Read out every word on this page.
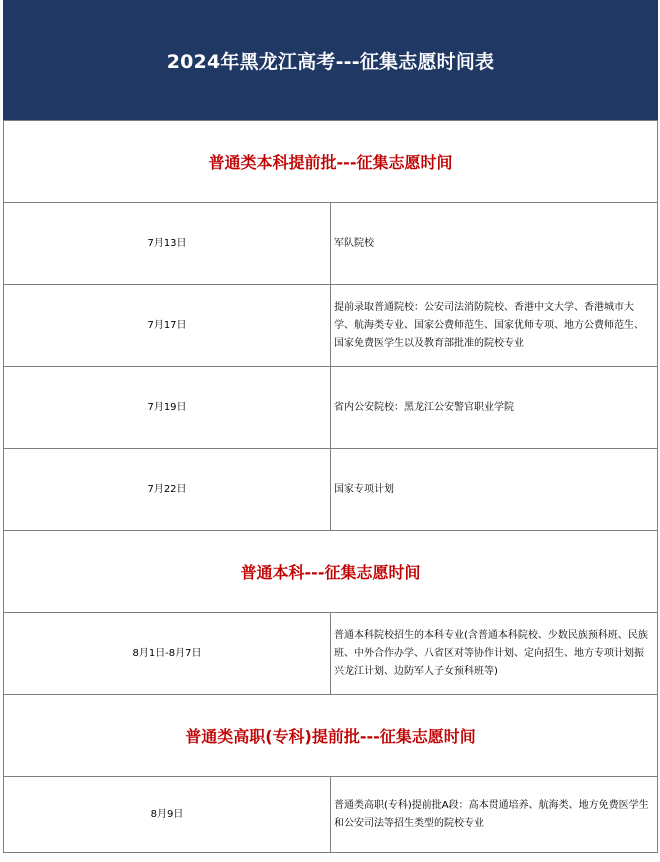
2024年黑龙江高考---征集志愿时间表
普通类本科提前批---征集志愿时间	
7月13日	军队院校
7月17日	提前录取普通院校：公安司法消防院校、香港中文大学、香港城市大学、航海类专业、国家公费师范生、国家优师专项、地方公费师范生、国家免费医学生以及教育部批准的院校专业
7月19日	省内公安院校：黑龙江公安警官职业学院
7月22日	国家专项计划
普通本科---征集志愿时间	
8月1日-8月7日	普通本科院校招生的本科专业(含普通本科院校、少数民族预科班、民族班、中外合作办学、八省区对等协作计划、定向招生、地方专项计划振兴龙江计划、边防军人子女预科班等)
普通类高职(专科)提前批---征集志愿时间	
8月9日	普通类高职(专科)提前批A段：高本贯通培养、航海类、地方免费医学生和公安司法等招生类型的院校专业
